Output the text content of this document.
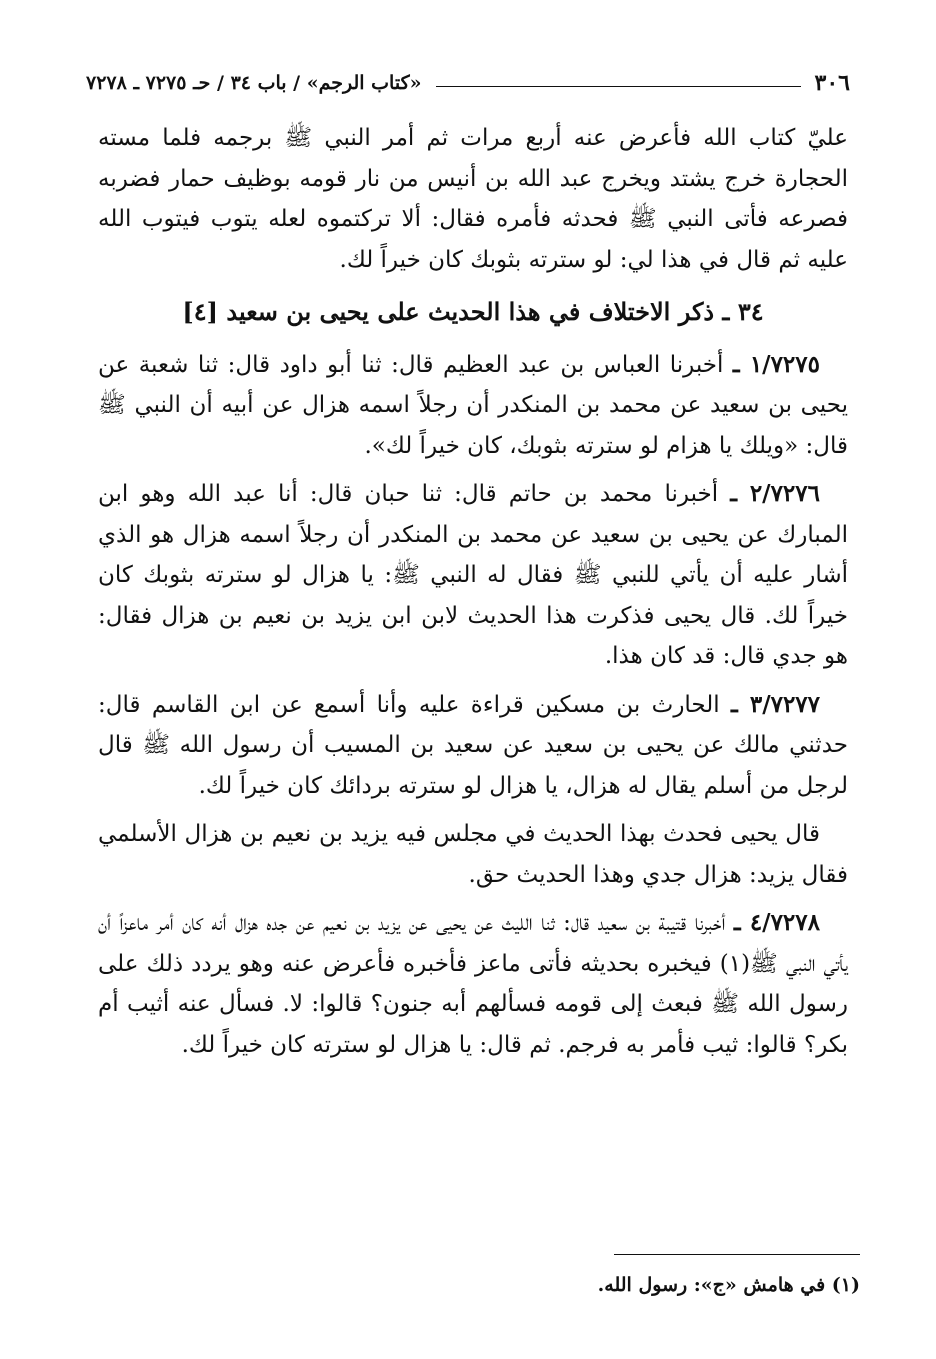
٣٠٦
«كتاب الرجم» / باب ٣٤ / حـ ٧٢٧٥ ـ ٧٢٧٨

عليّ كتاب الله فأعرض عنه أربع مرات ثم أمر النبي ﷺ برجمه فلما مسته الحجارة خرج يشتد ويخرج عبد الله بن أنيس من نار قومه بوظيف حمار فضربه فصرعه فأتى النبي ﷺ فحدثه فأمره فقال: ألا تركتموه لعله يتوب فيتوب الله عليه ثم قال في هذا لي: لو سترته بثوبك كان خيراً لك.

٣٤ ـ ذكر الاختلاف في هذا الحديث على يحيى بن سعيد [٤]

١/٧٢٧٥ ـ أخبرنا العباس بن عبد العظيم قال: ثنا أبو داود قال: ثنا شعبة عن يحيى بن سعيد عن محمد بن المنكدر أن رجلاً اسمه هزال عن أبيه أن النبي ﷺ قال: «ويلك يا هزام لو سترته بثوبك، كان خيراً لك».

٢/٧٢٧٦ ـ أخبرنا محمد بن حاتم قال: ثنا حبان قال: أنا عبد الله وهو ابن المبارك عن يحيى بن سعيد عن محمد بن المنكدر أن رجلاً اسمه هزال هو الذي أشار عليه أن يأتي للنبي ﷺ فقال له النبي ﷺ: يا هزال لو سترته بثوبك كان خيراً لك. قال يحيى فذكرت هذا الحديث لابن ابن يزيد بن نعيم بن هزال فقال: هو جدي قال: قد كان هذا.

٣/٧٢٧٧ ـ الحارث بن مسكين قراءة عليه وأنا أسمع عن ابن القاسم قال: حدثني مالك عن يحيى بن سعيد عن سعيد بن المسيب أن رسول الله ﷺ قال لرجل من أسلم يقال له هزال، يا هزال لو سترته بردائك كان خيراً لك.

قال يحيى فحدث بهذا الحديث في مجلس فيه يزيد بن نعيم بن هزال الأسلمي فقال يزيد: هزال جدي وهذا الحديث حق.

٤/٧٢٧٨ ـ أخبرنا قتيبة بن سعيد قال: ثنا الليث عن يحيى عن يزيد بن نعيم عن جده هزال أنه كان أمر ماعزاً أن يأتي النبي ﷺ(١) فيخبره بحديثه فأتى ماعز فأخبره فأعرض عنه وهو يردد ذلك على رسول الله ﷺ فبعث إلى قومه فسألهم أبه جنون؟ قالوا: لا. فسأل عنه أثيب أم بكر؟ قالوا: ثيب فأمر به فرجم. ثم قال: يا هزال لو سترته كان خيراً لك.

(١) في هامش «ج»: رسول الله.
